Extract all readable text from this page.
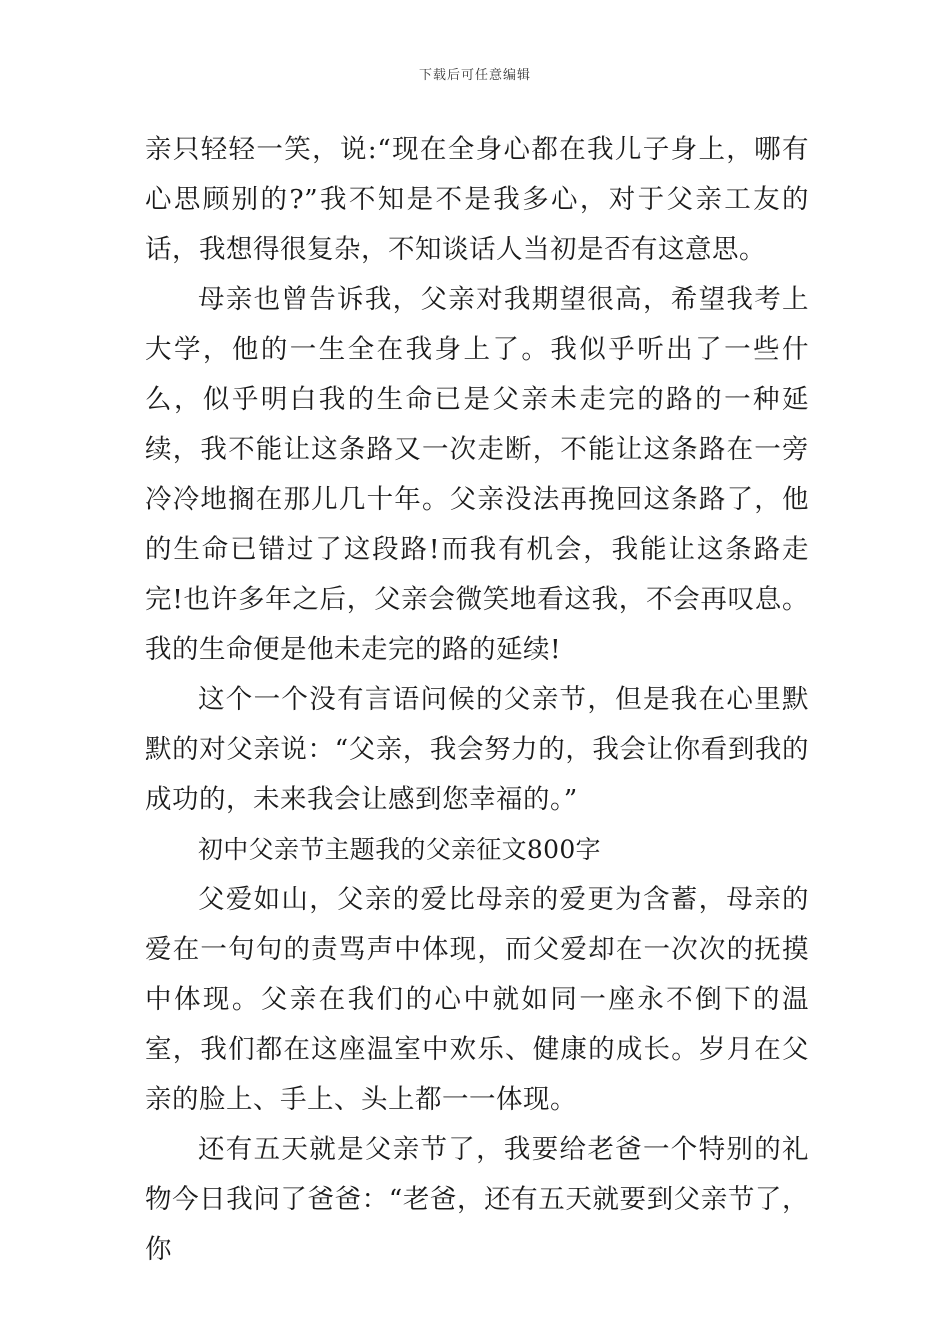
下载后可任意编辑

亲只轻轻一笑，说:“现在全身心都在我儿子身上，哪有心思顾别的?”我不知是不是我多心，对于父亲工友的话，我想得很复杂，不知谈话人当初是否有这意思。

母亲也曾告诉我，父亲对我期望很高，希望我考上大学，他的一生全在我身上了。我似乎听出了一些什么，似乎明白我的生命已是父亲未走完的路的一种延续，我不能让这条路又一次走断，不能让这条路在一旁冷冷地搁在那儿几十年。父亲没法再挽回这条路了，他的生命已错过了这段路!而我有机会，我能让这条路走完!也许多年之后，父亲会微笑地看这我，不会再叹息。我的生命便是他未走完的路的延续!

这个一个没有言语问候的父亲节，但是我在心里默默的对父亲说：“父亲，我会努力的，我会让你看到我的成功的，未来我会让感到您幸福的。”

初中父亲节主题我的父亲征文800字

父爱如山，父亲的爱比母亲的爱更为含蓄，母亲的爱在一句句的责骂声中体现，而父爱却在一次次的抚摸中体现。父亲在我们的心中就如同一座永不倒下的温室，我们都在这座温室中欢乐、健康的成长。岁月在父亲的脸上、手上、头上都一一体现。

还有五天就是父亲节了，我要给老爸一个特别的礼物今日我问了爸爸：“老爸，还有五天就要到父亲节了，你
